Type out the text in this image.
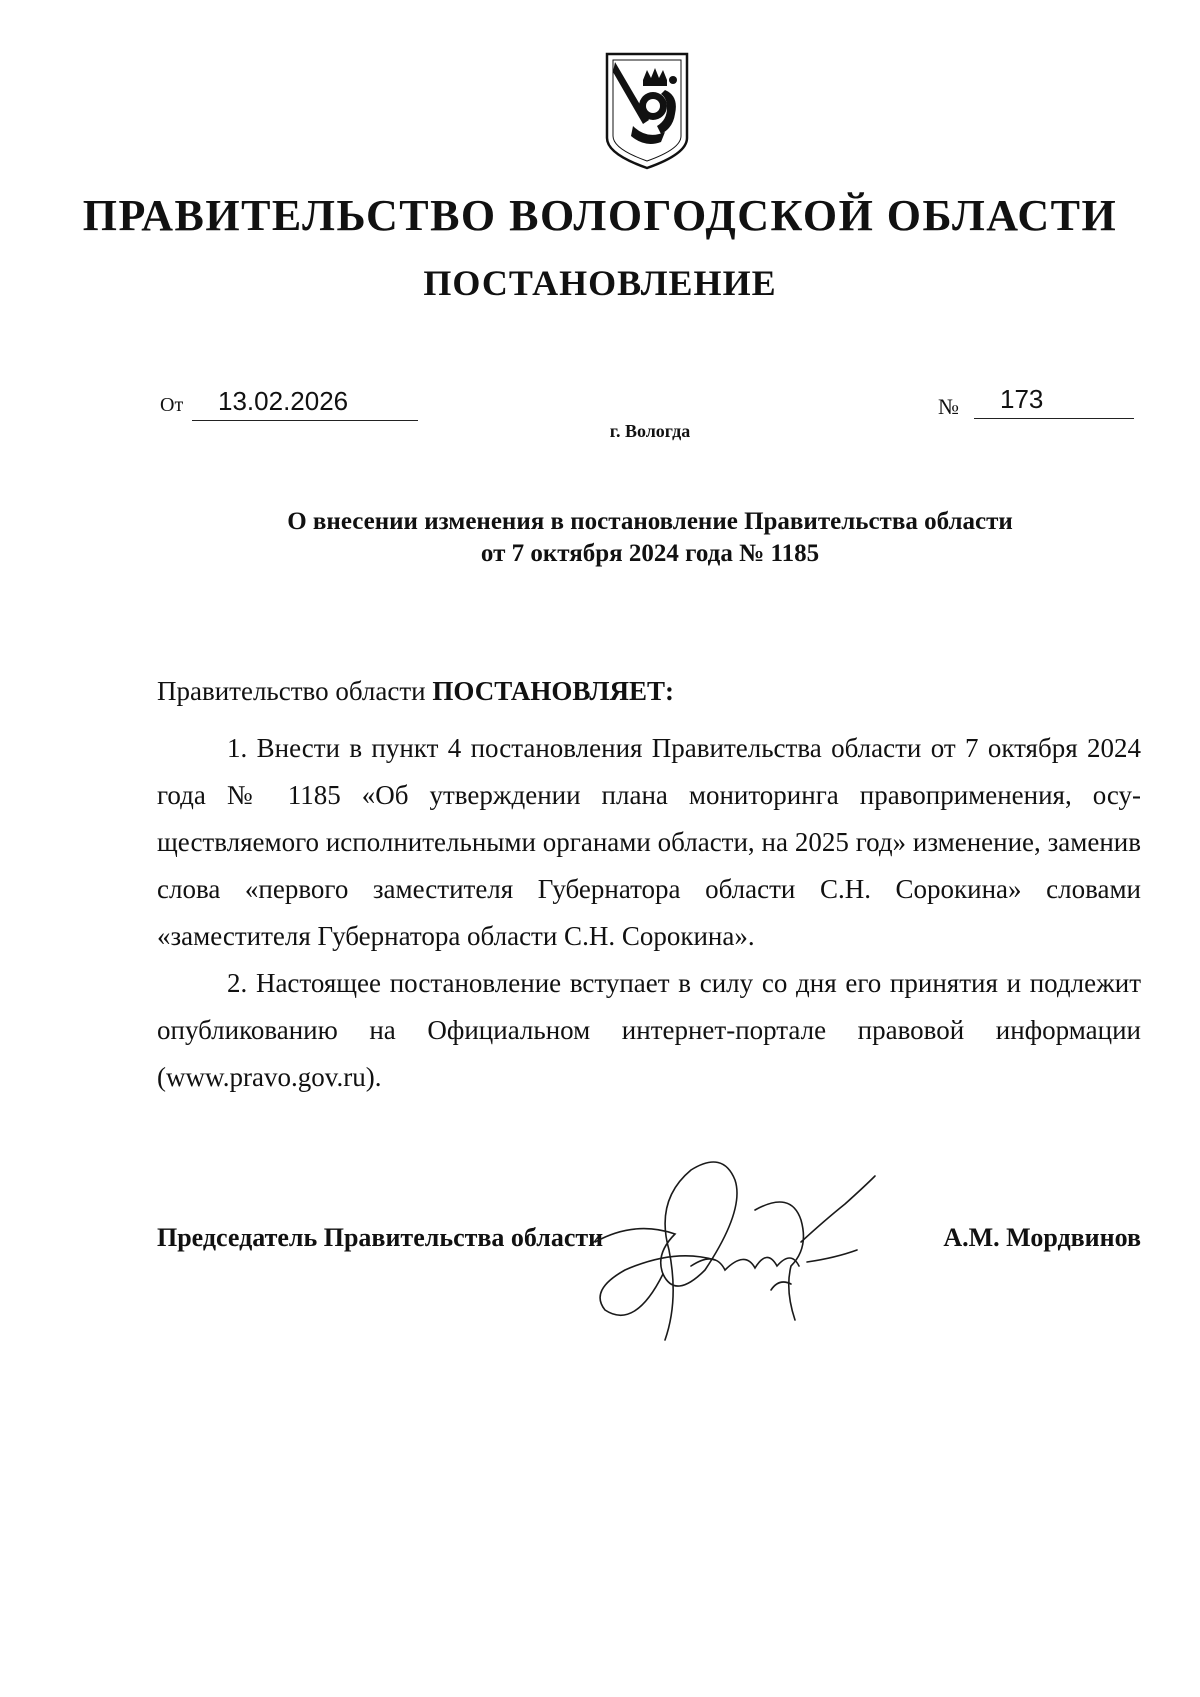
ПРАВИТЕЛЬСТВО ВОЛОГОДСКОЙ ОБЛАСТИ
ПОСТАНОВЛЕНИЕ
От 13.02.2026	№ 173

г. Вологда

О внесении изменения в постановление Правительства области
от 7 октября 2024 года № 1185

Правительство области ПОСТАНОВЛЯЕТ:

1. Внести в пункт 4 постановления Правительства области от 7 октября 2024 года № 1185 «Об утверждении плана мониторинга правоприменения, осуществляемого исполнительными органами области, на 2025 год» изменение, заменив слова «первого заместителя Губернатора области С.Н. Сорокина» словами «заместителя Губернатора области С.Н. Сорокина».

2. Настоящее постановление вступает в силу со дня его принятия и подлежит опубликованию на Официальном интернет-портале правовой информации (www.pravo.gov.ru).

Председатель Правительства области	А.М. Мордвинов
